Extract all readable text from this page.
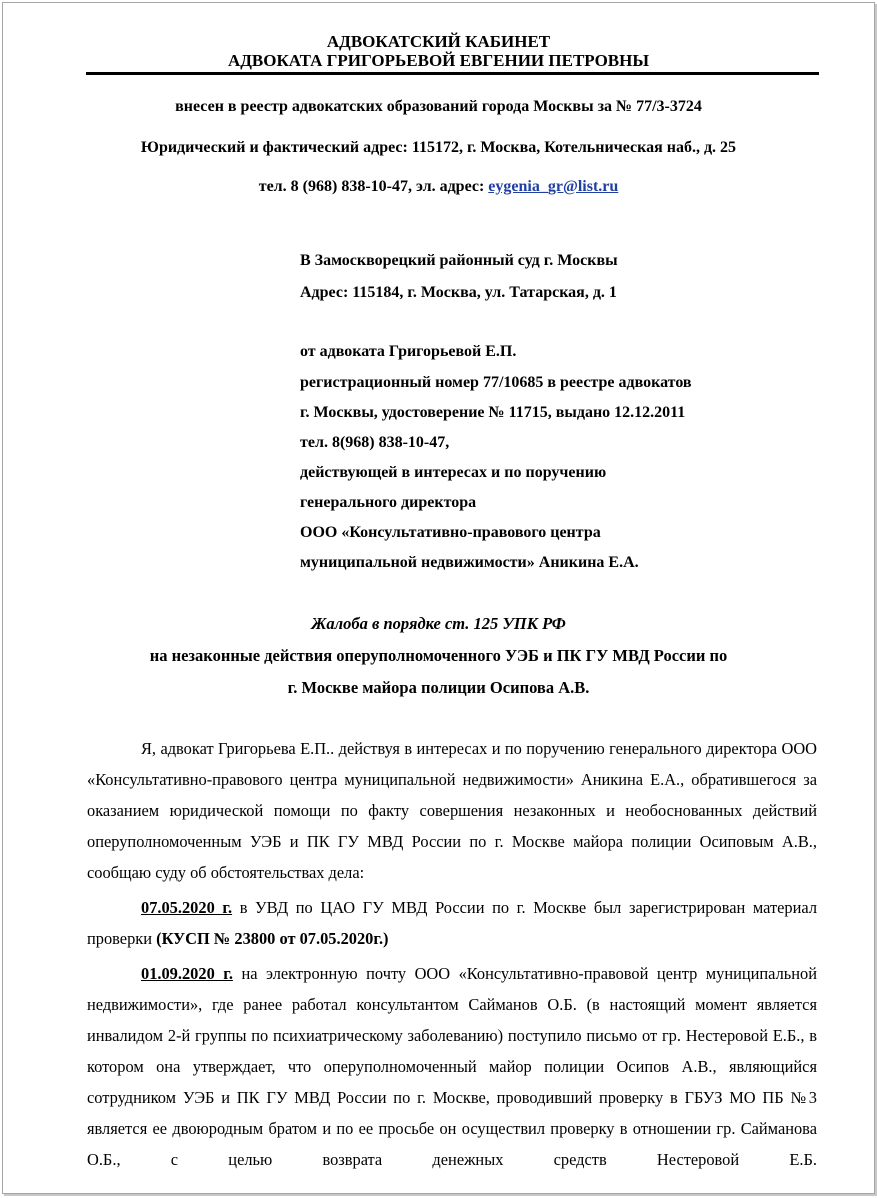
АДВОКАТСКИЙ КАБИНЕТ
АДВОКАТА ГРИГОРЬЕВОЙ ЕВГЕНИИ ПЕТРОВНЫ
внесен в реестр адвокатских образований города Москвы за № 77/3-3724
Юридический и фактический адрес: 115172, г. Москва, Котельническая наб., д. 25
тел. 8 (968) 838-10-47, эл. адрес: eygenia_gr@list.ru
В Замоскворецкий районный суд г. Москвы
Адрес: 115184, г. Москва, ул. Татарская, д. 1
от адвоката Григорьевой Е.П.
регистрационный номер 77/10685 в реестре адвокатов
г. Москвы, удостоверение № 11715, выдано 12.12.2011
тел. 8(968) 838-10-47,
действующей в интересах и по поручению
генерального директора
ООО «Консультативно-правового центра
муниципальной недвижимости» Аникина Е.А.
Жалоба в порядке ст. 125 УПК РФ
на незаконные действия оперуполномоченного УЭБ и ПК ГУ МВД России по
г. Москве майора полиции Осипова А.В.

Я, адвокат Григорьева Е.П.. действуя в интересах и по поручению генерального директора ООО «Консультативно-правового центра муниципальной недвижимости» Аникина Е.А., обратившегося за оказанием юридической помощи по факту совершения незаконных и необоснованных действий оперуполномоченным УЭБ и ПК ГУ МВД России по г. Москве майора полиции Осиповым А.В., сообщаю суду об обстоятельствах дела:

07.05.2020 г. в УВД по ЦАО ГУ МВД России по г. Москве был зарегистрирован материал проверки (КУСП № 23800 от 07.05.2020г.)

01.09.2020 г. на электронную почту ООО «Консультативно-правовой центр муниципальной недвижимости», где ранее работал консультантом Сайманов О.Б. (в настоящий момент является инвалидом 2-й группы по психиатрическому заболеванию) поступило письмо от гр. Нестеровой Е.Б., в котором она утверждает, что оперуполномоченный майор полиции Осипов А.В., являющийся сотрудником УЭБ и ПК ГУ МВД России по г. Москве, проводивший проверку в ГБУЗ МО ПБ №3 является ее двоюродным братом и по ее просьбе он осуществил проверку в отношении гр. Сайманова О.Б., с целью возврата денежных средств Нестеровой Е.Б.
